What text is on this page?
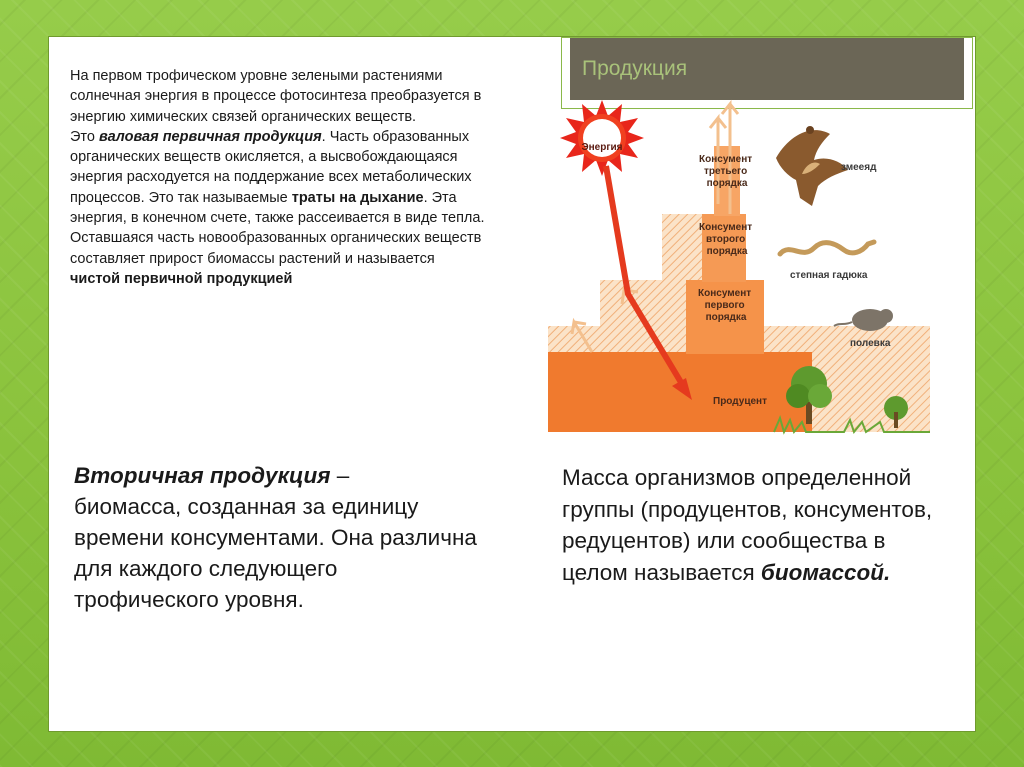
Продукция
На первом трофическом уровне зелеными растениями солнечная энергия в процессе фотосинтеза преобразуется в энергию химических связей органических веществ.
Это валовая первичная продукция. Часть образованных органических веществ окисляется, а высвобождающаяся энергия расходуется на поддержание всех метаболических процессов. Это так называемые траты на дыхание. Эта энергия, в конечном счете, также рассеивается в виде тепла. Оставшаяся часть новообразованных органических веществ составляет прирост биомассы растений и называется чистой первичной продукцией
Вторичная продукция –
биомасса, созданная за единицу времени консументами. Она различна для каждого следующего трофического уровня.
Масса организмов определенной группы (продуцентов, консументов, редуцентов) или сообщества в целом называется биомассой.
Энергия
Консумент третьего порядка
Консумент второго порядка
Консумент первого порядка
Продуцент
змееяд
степная гадюка
полевка
